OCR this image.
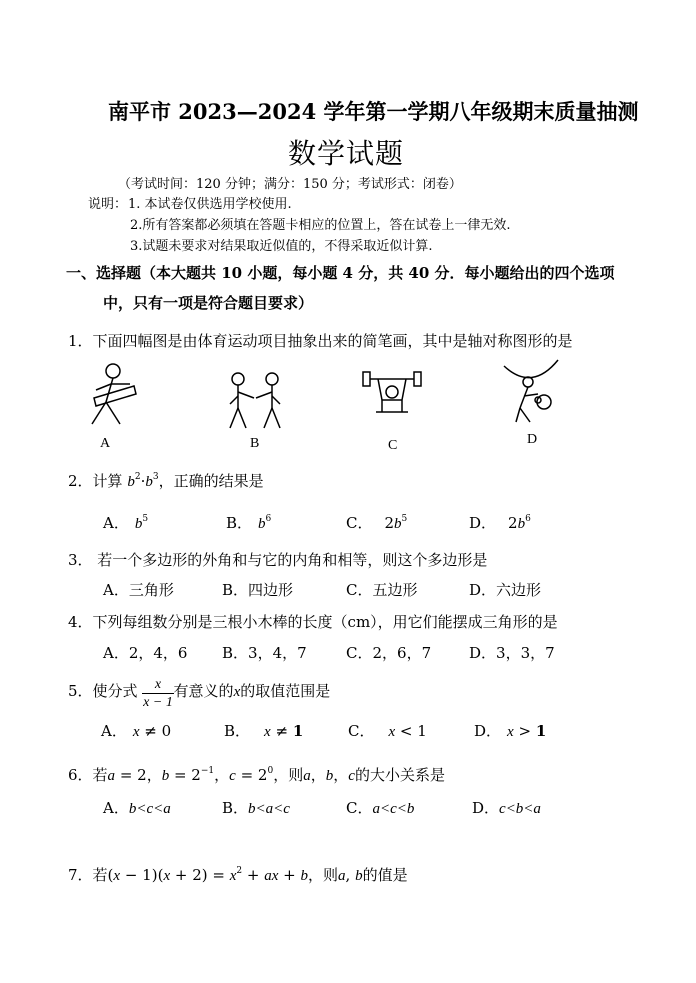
南平市 2023—2024 学年第一学期八年级期末质量抽测
数学试题
（考试时间：120 分钟；满分：150 分；考试形式：闭卷）
说明： 1. 本试卷仅供选用学校使用.
2.所有答案都必须填在答题卡相应的位置上，答在试卷上一律无效.
3.试题未要求对结果取近似值的，不得采取近似计算.
一、选择题（本大题共 10 小题，每小题 4 分，共 40 分．每小题给出的四个选项
中，只有一项是符合题目要求）
1．下面四幅图是由体育运动项目抽象出来的简笔画，其中是轴对称图形的是
A	B	C	D
2．计算 $b^2\cdot b^3$，正确的结果是
A． $b^5$	B． $b^6$	C． $2b^5$	D． $2b^6$
3． 若一个多边形的外角和与它的内角和相等，则这个多边形是
A．三角形	B．四边形	C．五边形	D．六边形
4．下列每组数分别是三根小木棒的长度（cm），用它们能摆成三角形的是
A．2，4，6 B．3，4，7	C．2，6，7	D．3，3，7
5．使分式 有意义的x的取值范围是
$\frac{x}{x - 1}$
A． x ≠ 0	B． x ≠ 1	C． x < 1	D． x > 1
6．若a = 2，$b = 2^{-1}$，$c = 2^0$，则a，b，c的大小关系是
A．b<c<a	B．b<a<c	C．a<c<b	D．c<b<a
7．若$(x - 1)(x + 2) = x^2$ + ax + b，则a, b的值是
